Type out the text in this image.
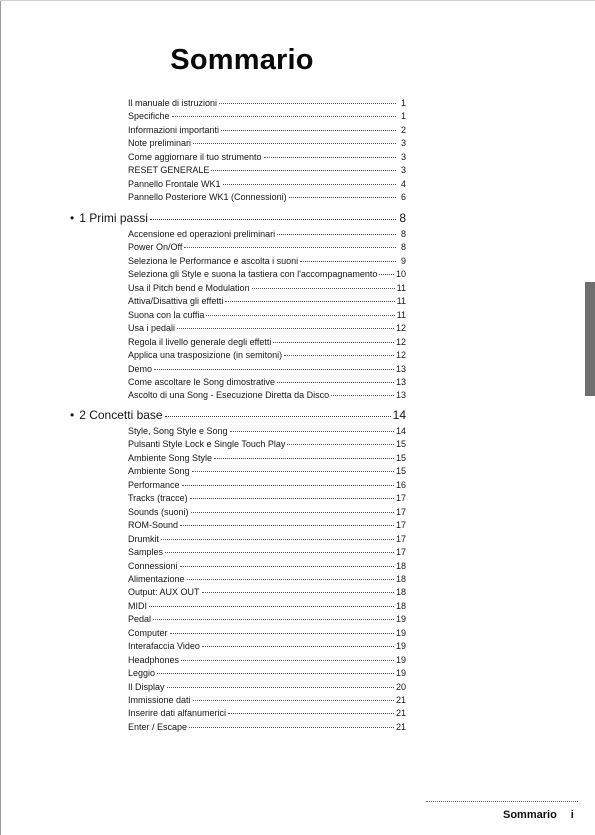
Sommario
Il manuale di istruzioni	1
Specifiche	1
Informazioni importanti	2
Note preliminari	3
Come aggiornare il tuo strumento	3
RESET GENERALE	3
Pannello Frontale WK1	4
Pannello Posteriore WK1 (Connessioni)	6
• 1 Primi passi	8
Accensione ed operazioni preliminari	8
Power On/Off	8
Seleziona le Performance e ascolta i suoni	9
Seleziona gli Style e suona la tastiera con l'accompagnamento 10
Usa il Pitch bend e Modulation	11
Attiva/Disattiva gli effetti	11
Suona con la cuffia	11
Usa i pedali	12
Regola il livello generale degli effetti	12
Applica una trasposizione (in semitoni)	12
Demo	13
Come ascoltare le Song dimostrative	13
Ascolto di una Song - Esecuzione Diretta da Disco	13
• 2 Concetti base	14
Style, Song Style e Song	14
Pulsanti Style Lock e Single Touch Play	15
Ambiente Song Style	15
Ambiente Song	15
Performance	16
Tracks (tracce)	17
Sounds (suoni)	17
ROM-Sound	17
Drumkit	17
Samples	17
Connessioni	18
Alimentazione	18
Output: AUX OUT	18
MIDI	18
Pedal	19
Computer	19
Interafaccia Video	19
Headphones	19
Leggio	19
Il Display	20
Immissione dati	21
Inserire dati alfanumerici	21
Enter / Escape	21
Sommario i
